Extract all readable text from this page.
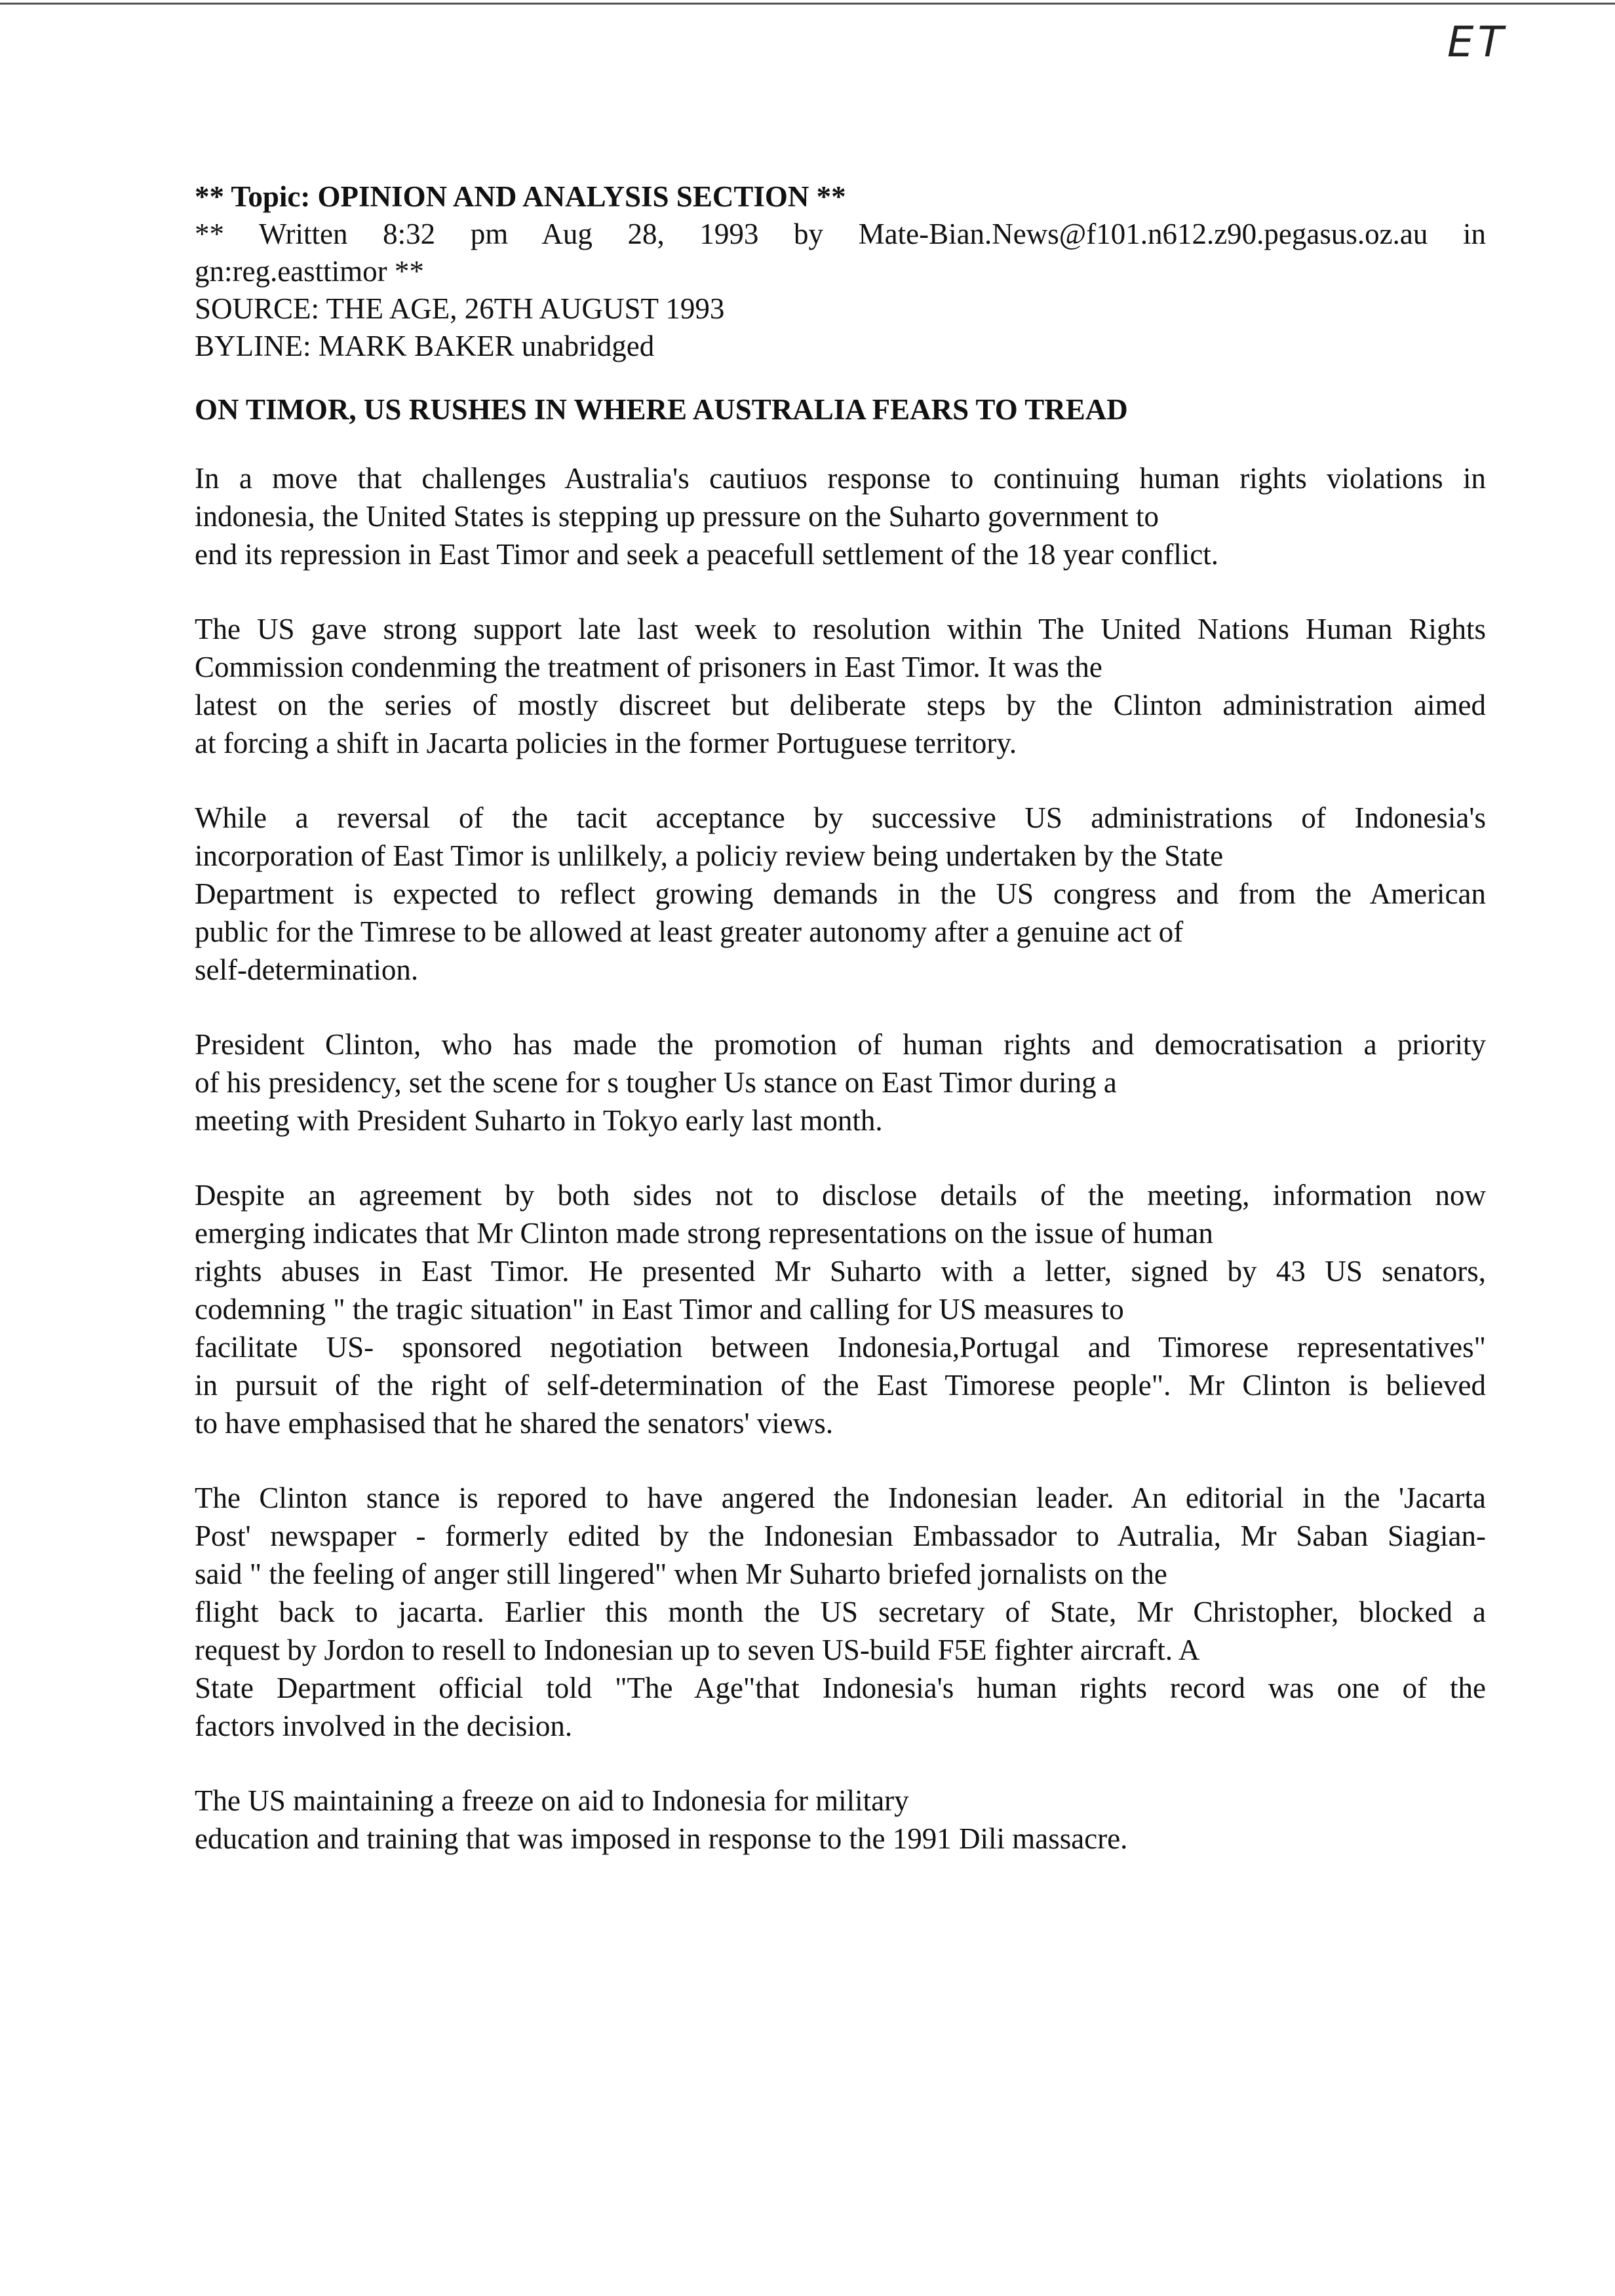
ET
** Topic: OPINION AND ANALYSIS SECTION **
** Written 8:32 pm Aug 28, 1993 by Mate-Bian.News@f101.n612.z90.pegasus.oz.au in
gn:reg.easttimor **
SOURCE: THE AGE, 26TH AUGUST 1993
BYLINE: MARK BAKER unabridged
ON TIMOR, US RUSHES IN WHERE AUSTRALIA FEARS TO TREAD
In a move that challenges Australia's cautiuos response to continuing human rights violations in
indonesia, the United States is stepping up pressure on the Suharto government to
end its repression in East Timor and seek a peacefull settlement of the 18 year conflict.
The US gave strong support late last week to resolution within The United Nations Human Rights
Commission condenming the treatment of prisoners in East Timor. It was the
latest on the series of mostly discreet but deliberate steps by the Clinton administration aimed
at forcing a shift in Jacarta policies in the former Portuguese territory.
While a reversal of the tacit acceptance by successive US administrations of Indonesia's
incorporation of East Timor is unlilkely, a policiy review being undertaken by the State
Department is expected to reflect growing demands in the US congress and from the American
public for the Timrese to be allowed at least greater autonomy after a genuine act of
self-determination.
President Clinton, who has made the promotion of human rights and democratisation a priority
of his presidency, set the scene for s tougher Us stance on East Timor during a
meeting with President Suharto in Tokyo early last month.
Despite an agreement by both sides not to disclose details of the meeting, information now
emerging indicates that Mr Clinton made strong representations on the issue of human
rights abuses in East Timor. He presented Mr Suharto with a letter, signed by 43 US senators,
codemning " the tragic situation" in East Timor and calling for US measures to
facilitate US- sponsored negotiation between Indonesia,Portugal and Timorese representatives"
in pursuit of the right of self-determination of the East Timorese people". Mr Clinton is believed
to have emphasised that he shared the senators' views.
The Clinton stance is repored to have angered the Indonesian leader. An editorial in the 'Jacarta
Post' newspaper - formerly edited by the Indonesian Embassador to Autralia, Mr Saban Siagian-
said " the feeling of anger still lingered" when Mr Suharto briefed jornalists on the
flight back to jacarta. Earlier this month the US secretary of State, Mr Christopher, blocked a
request by Jordon to resell to Indonesian up to seven US-build F5E fighter aircraft. A
State Department official told "The Age"that Indonesia's human rights record was one of the
factors involved in the decision.
The US maintaining a freeze on aid to Indonesia for military
education and training that was imposed in response to the 1991 Dili massacre.
